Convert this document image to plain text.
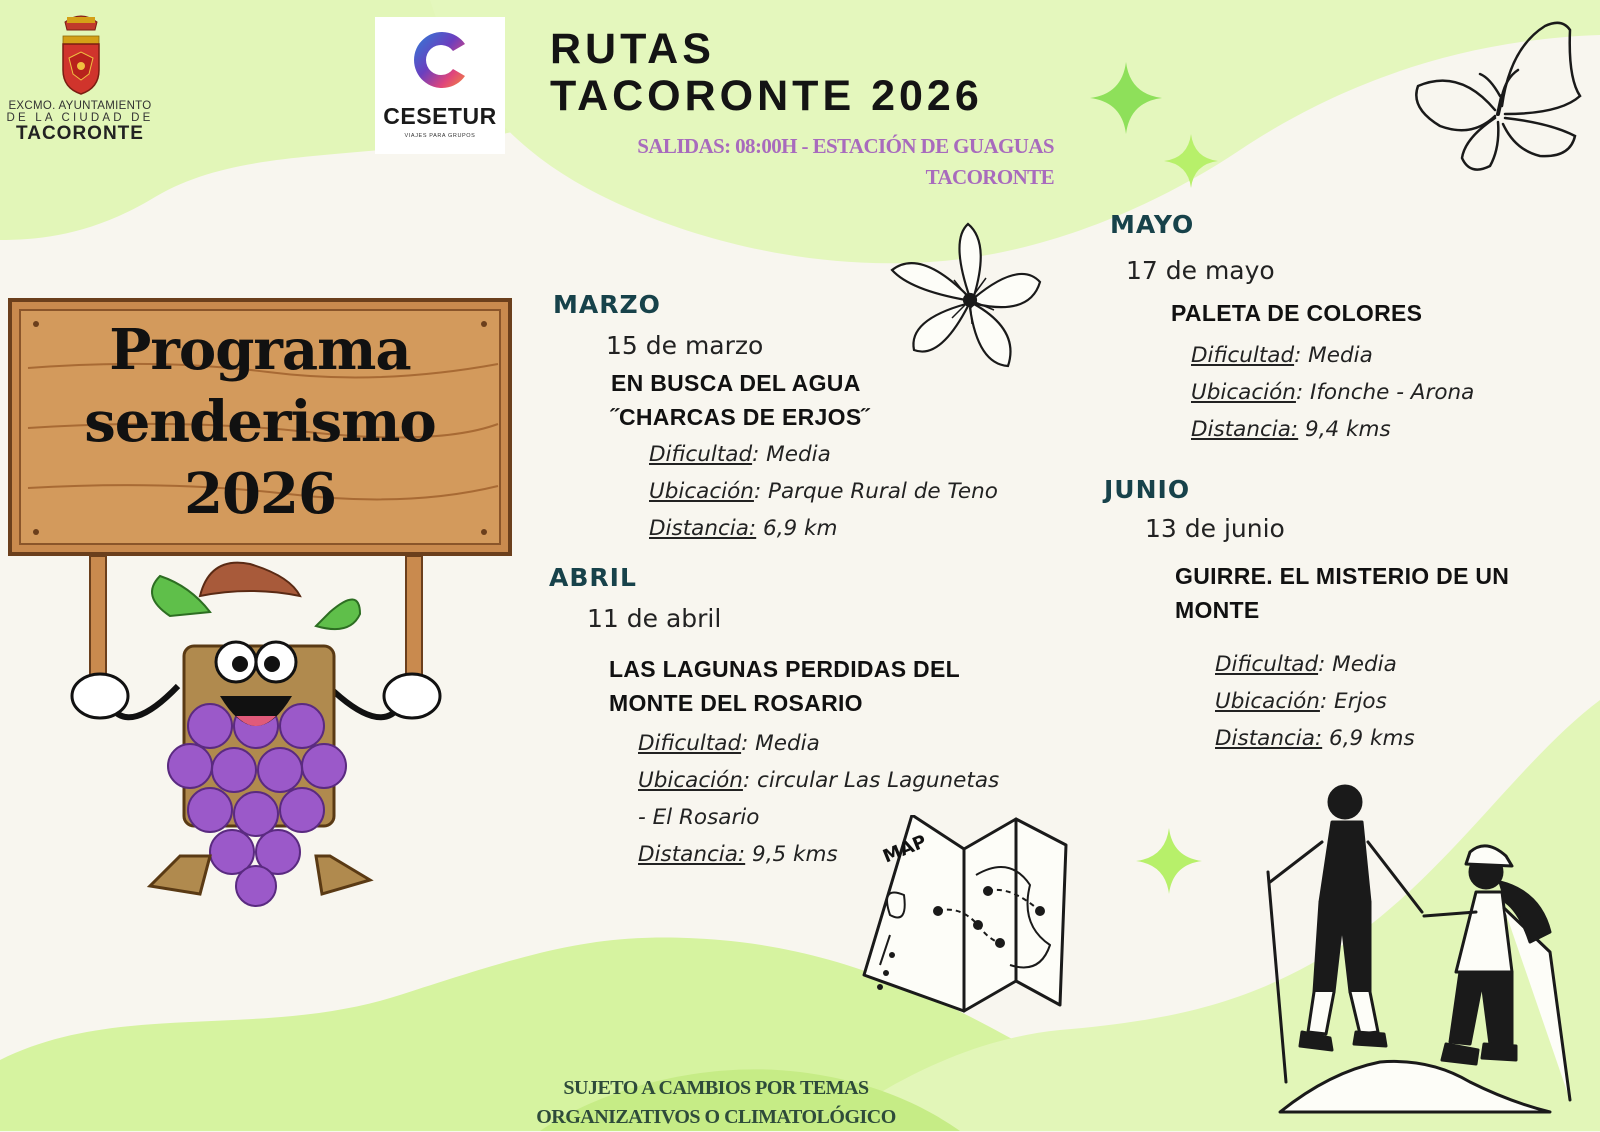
EXCMO. AYUNTAMIENTO
DE LA CIUDAD DE
TACORONTE
CESETUR
VIAJES PARA GRUPOS
RUTAS
TACORONTE 2026
SALIDAS: 08:00H - ESTACIÓN DE GUAGUAS
TACORONTE
Programa
senderismo
2026
MARZO
15 de marzo
EN BUSCA DEL AGUA
˝CHARCAS DE ERJOS˝
Dificultad: Media
Ubicación: Parque Rural de Teno
Distancia: 6,9 km
ABRIL
11 de abril
LAS LAGUNAS PERDIDAS DEL
MONTE DEL ROSARIO
Dificultad: Media
Ubicación: circular Las Lagunetas
- El Rosario
Distancia: 9,5 kms
MAYO
17 de mayo
PALETA DE COLORES
Dificultad: Media
Ubicación: Ifonche - Arona
Distancia: 9,4 kms
JUNIO
13 de junio
GUIRRE. EL MISTERIO DE UN
MONTE
Dificultad: Media
Ubicación: Erjos
Distancia: 6,9 kms
MAP
SUJETO A CAMBIOS POR TEMAS
ORGANIZATIVOS O CLIMATOLÓGICO
